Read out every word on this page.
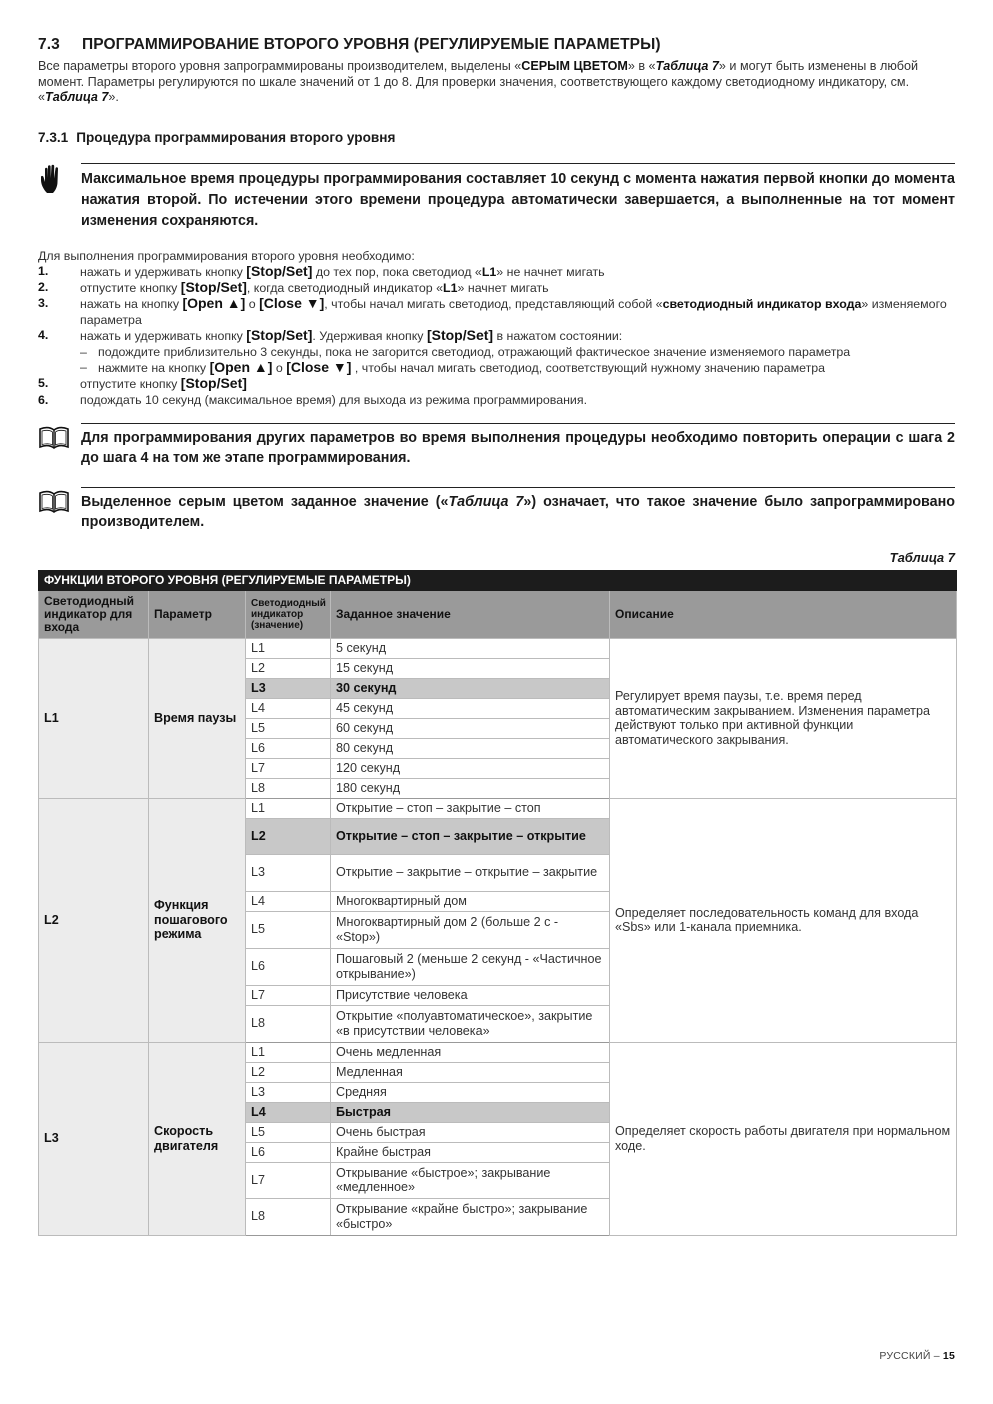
7.3 ПРОГРАММИРОВАНИЕ ВТОРОГО УРОВНЯ (РЕГУЛИРУЕМЫЕ ПАРАМЕТРЫ)

Все параметры второго уровня запрограммированы производителем, выделены «СЕРЫМ ЦВЕТОМ» в «Таблица 7» и могут быть изменены в любой момент. Параметры регулируются по шкале значений от 1 до 8. Для проверки значения, соответствующего каждому светодиодному индикатору, см. «Таблица 7».

7.3.1 Процедура программирования второго уровня

Максимальное время процедуры программирования составляет 10 секунд с момента нажатия первой кнопки до момента нажатия второй. По истечении этого времени процедура автоматически завершается, а выполненные на тот момент изменения сохраняются.

Для выполнения программирования второго уровня необходимо:

1.	нажать и удерживать кнопку [Stop/Set] до тех пор, пока светодиод «L1» не начнет мигать
2.	отпустите кнопку [Stop/Set], когда светодиодный индикатор «L1» начнет мигать
3.	нажать на кнопку [Open ▲] o [Close ▼], чтобы начал мигать светодиод, представляющий собой «светодиодный индикатор входа» изменяемого параметра
4.	нажать и удерживать кнопку [Stop/Set]. Удерживая кнопку [Stop/Set] в нажатом состоянии:
– подождите приблизительно 3 секунды, пока не загорится светодиод, отражающий фактическое значение изменяемого параметра
– нажмите на кнопку [Open ▲] o [Close ▼] , чтобы начал мигать светодиод, соответствующий нужному значению параметра
5.	отпустите кнопку [Stop/Set]
6.	подождать 10 секунд (максимальное время) для выхода из режима программирования.

Для программирования других параметров во время выполнения процедуры необходимо повторить операции с шага 2 до шага 4 на том же этапе программирования.

Выделенное серым цветом заданное значение («Таблица 7») означает, что такое значение было запрограммировано производителем.

Таблица 7
ФУНКЦИИ ВТОРОГО УРОВНЯ (РЕГУЛИРУЕМЫЕ ПАРАМЕТРЫ)				
Светодиодный индикатор для входа	Параметр	Светодиодный индикатор (значение)	Заданное значение	Описание
L1	Время паузы	L1	5 секунд	Регулирует время паузы, т.е. время перед автоматическим закрыванием. Изменения параметра действуют только при активной функции автоматического закрывания.
		L2	15 секунд	
		L3	30 секунд	
		L4	45 секунд	
		L5	60 секунд	
		L6	80 секунд	
		L7	120 секунд	
		L8	180 секунд	
L2	Функция пошагового режима	L1	Открытие – стоп – закрытие – стоп	Определяет последовательность команд для входа «Sbs» или 1-канала приемника.
		L2	Открытие – стоп – закрытие – открытие	
		L3	Открытие – закрытие – открытие – закрытие	
		L4	Многоквартирный дом	
		L5	Многоквартирный дом 2 (больше 2 с - «Stop»)	
		L6	Пошаговый 2 (меньше 2 секунд - «Частичное открывание»)	
		L7	Присутствие человека	
		L8	Открытие «полуавтоматическое», закрытие «в присутствии человека»	
L3	Скорость двигателя	L1	Очень медленная	Определяет скорость работы двигателя при нормальном ходе.
		L2	Медленная	
		L3	Средняя	
		L4	Быстрая	
		L5	Очень быстрая	
		L6	Крайне быстрая	
		L7	Открывание «быстрое»; закрывание «медленное»	
		L8	Открывание «крайне быстро»; закрывание «быстро»	
РУССКИЙ – 15
